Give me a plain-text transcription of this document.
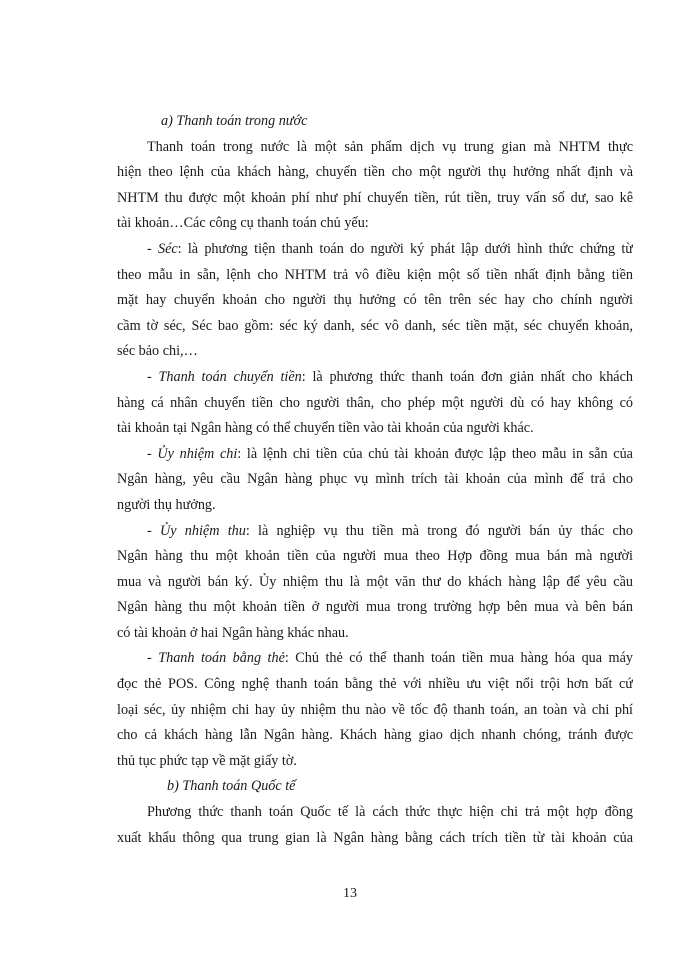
a) Thanh toán trong nước
Thanh toán trong nước là một sản phẩm dịch vụ trung gian mà NHTM thực
hiện theo lệnh của khách hàng, chuyển tiền cho một người thụ hưởng nhất định và
NHTM thu được một khoản phí như phí chuyển tiền, rút tiền, truy vấn số dư, sao kê
tài khoản…Các công cụ thanh toán chủ yếu:
- Séc: là phương tiện thanh toán do người ký phát lập dưới hình thức chứng từ
theo mẫu in sẵn, lệnh cho NHTM trả vô điều kiện một số tiền nhất định bằng tiền
mặt hay chuyển khoản cho người thụ hưởng có tên trên séc hay cho chính người
cầm tờ séc, Séc bao gồm: séc ký danh, séc vô danh, séc tiền mặt, séc chuyển khoản,
séc bảo chi,…
- Thanh toán chuyển tiền: là phương thức thanh toán đơn giản nhất cho khách
hàng cá nhân chuyển tiền cho người thân, cho phép một người dù có hay không có
tài khoản tại Ngân hàng có thể chuyển tiền vào tài khoản của người khác.
- Ủy nhiệm chi: là lệnh chi tiền của chủ tài khoản được lập theo mẫu in sẵn của
Ngân hàng, yêu cầu Ngân hàng phục vụ mình trích tài khoản của mình để trả cho
người thụ hưởng.
- Ủy nhiệm thu: là nghiệp vụ thu tiền mà trong đó người bán ủy thác cho
Ngân hàng thu một khoản tiền của người mua theo Hợp đồng mua bán mà người
mua và người bán ký. Ủy nhiệm thu là một văn thư do khách hàng lập để yêu cầu
Ngân hàng thu một khoản tiền ở người mua trong trường hợp bên mua và bên bán
có tài khoản ở hai Ngân hàng khác nhau.
- Thanh toán bằng thẻ: Chủ thẻ có thể thanh toán tiền mua hàng hóa qua máy
đọc thẻ POS. Công nghệ thanh toán bằng thẻ với nhiều ưu việt nổi trội hơn bất cứ
loại séc, ủy nhiệm chi hay ủy nhiệm thu nào về tốc độ thanh toán, an toàn và chi phí
cho cả khách hàng lẫn Ngân hàng. Khách hàng giao dịch nhanh chóng, tránh được
thủ tục phức tạp về mặt giấy tờ.
b) Thanh toán Quốc tế
Phương thức thanh toán Quốc tế là cách thức thực hiện chi trả một hợp đồng
xuất khẩu thông qua trung gian là Ngân hàng bằng cách trích tiền từ tài khoản của
13
